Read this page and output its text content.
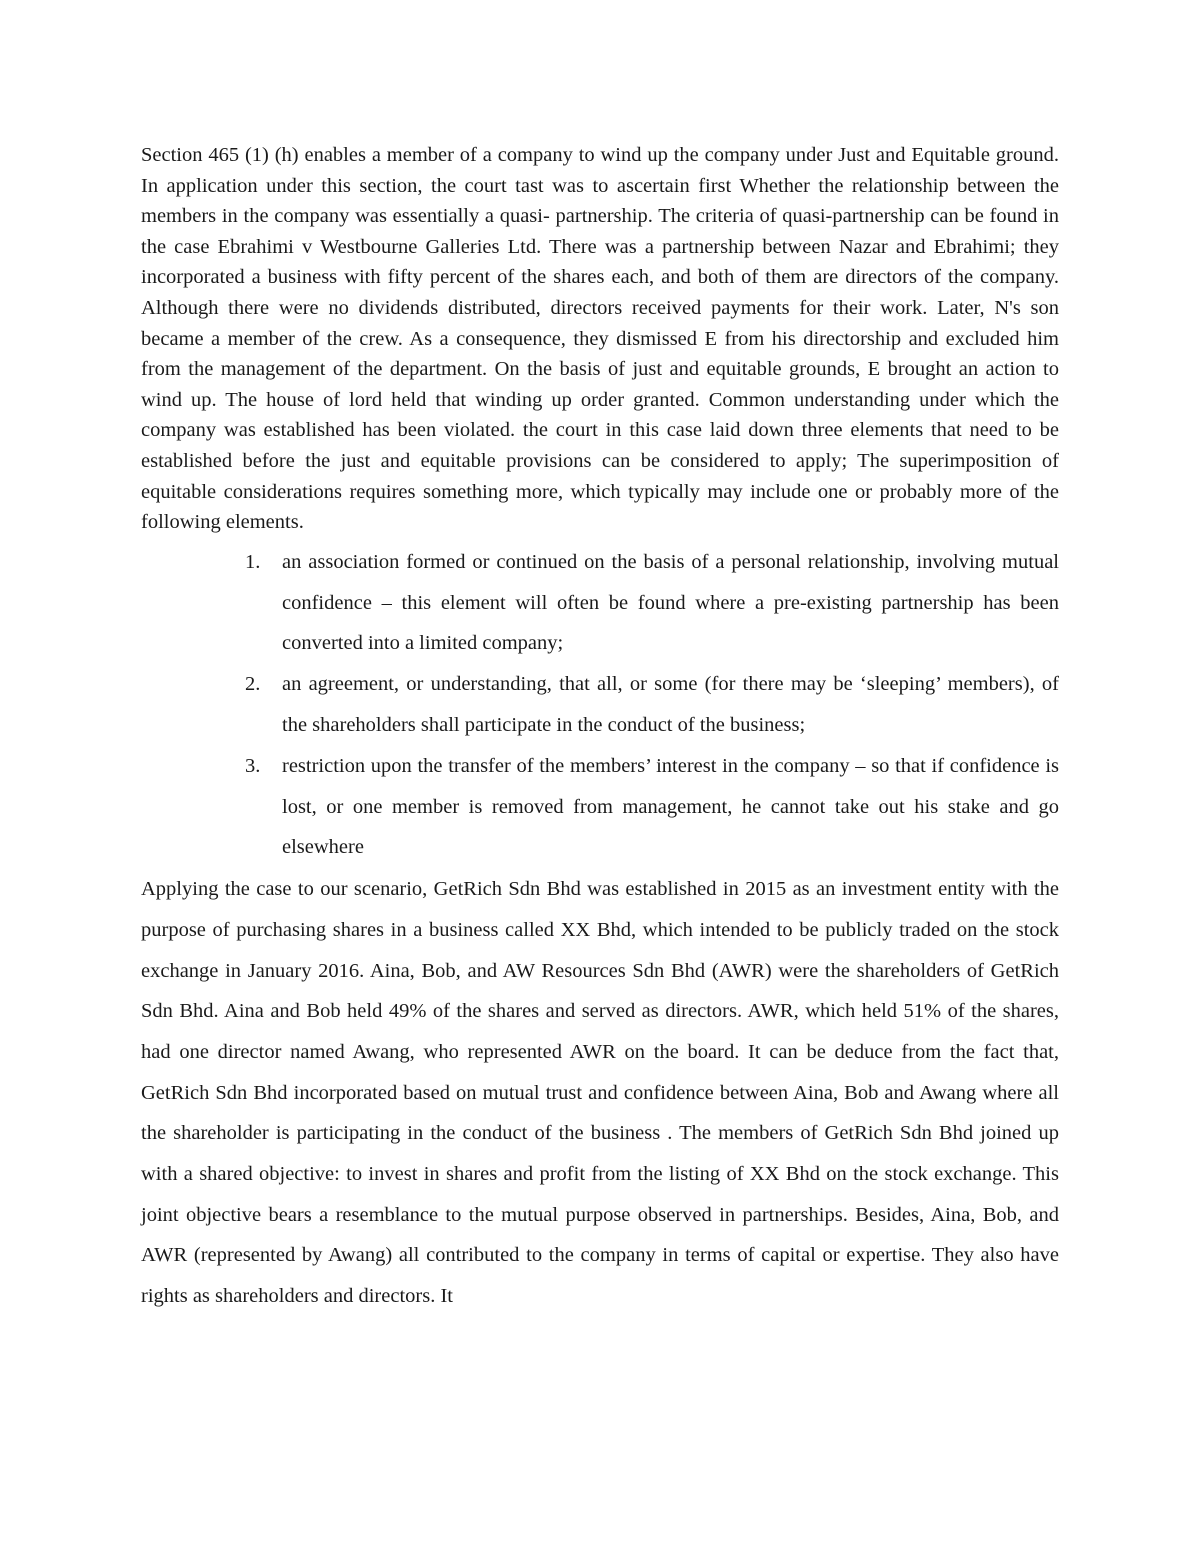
Section 465 (1) (h) enables a member of a company to wind up the company under Just and Equitable ground. In application under this section, the court tast was to ascertain first Whether the relationship between the members in the company was essentially a quasi- partnership. The criteria of quasi-partnership can be found in the case Ebrahimi v Westbourne Galleries Ltd. There was a partnership between Nazar and Ebrahimi; they incorporated a business with fifty percent of the shares each, and both of them are directors of the company. Although there were no dividends distributed, directors received payments for their work. Later, N's son became a member of the crew. As a consequence, they dismissed E from his directorship and excluded him from the management of the department. On the basis of just and equitable grounds, E brought an action to wind up. The house of lord held that winding up order granted. Common understanding under which the company was established has been violated. the court in this case laid down three elements that need to be established before the just and equitable provisions can be considered to apply; The superimposition of equitable considerations requires something more, which typically may include one or probably more of the following elements.

1. an association formed or continued on the basis of a personal relationship, involving mutual confidence – this element will often be found where a pre-existing partnership has been converted into a limited company;
2. an agreement, or understanding, that all, or some (for there may be ‘sleeping’ members), of the shareholders shall participate in the conduct of the business;
3. restriction upon the transfer of the members’ interest in the company – so that if confidence is lost, or one member is removed from management, he cannot take out his stake and go elsewhere

Applying the case to our scenario, GetRich Sdn Bhd was established in 2015 as an investment entity with the purpose of purchasing shares in a business called XX Bhd, which intended to be publicly traded on the stock exchange in January 2016. Aina, Bob, and AW Resources Sdn Bhd (AWR) were the shareholders of GetRich Sdn Bhd. Aina and Bob held 49% of the shares and served as directors. AWR, which held 51% of the shares, had one director named Awang, who represented AWR on the board. It can be deduce from the fact that, GetRich Sdn Bhd incorporated based on mutual trust and confidence between Aina, Bob and Awang where all the shareholder is participating in the conduct of the business . The members of GetRich Sdn Bhd joined up with a shared objective: to invest in shares and profit from the listing of XX Bhd on the stock exchange. This joint objective bears a resemblance to the mutual purpose observed in partnerships. Besides, Aina, Bob, and AWR (represented by Awang) all contributed to the company in terms of capital or expertise. They also have rights as shareholders and directors. It
